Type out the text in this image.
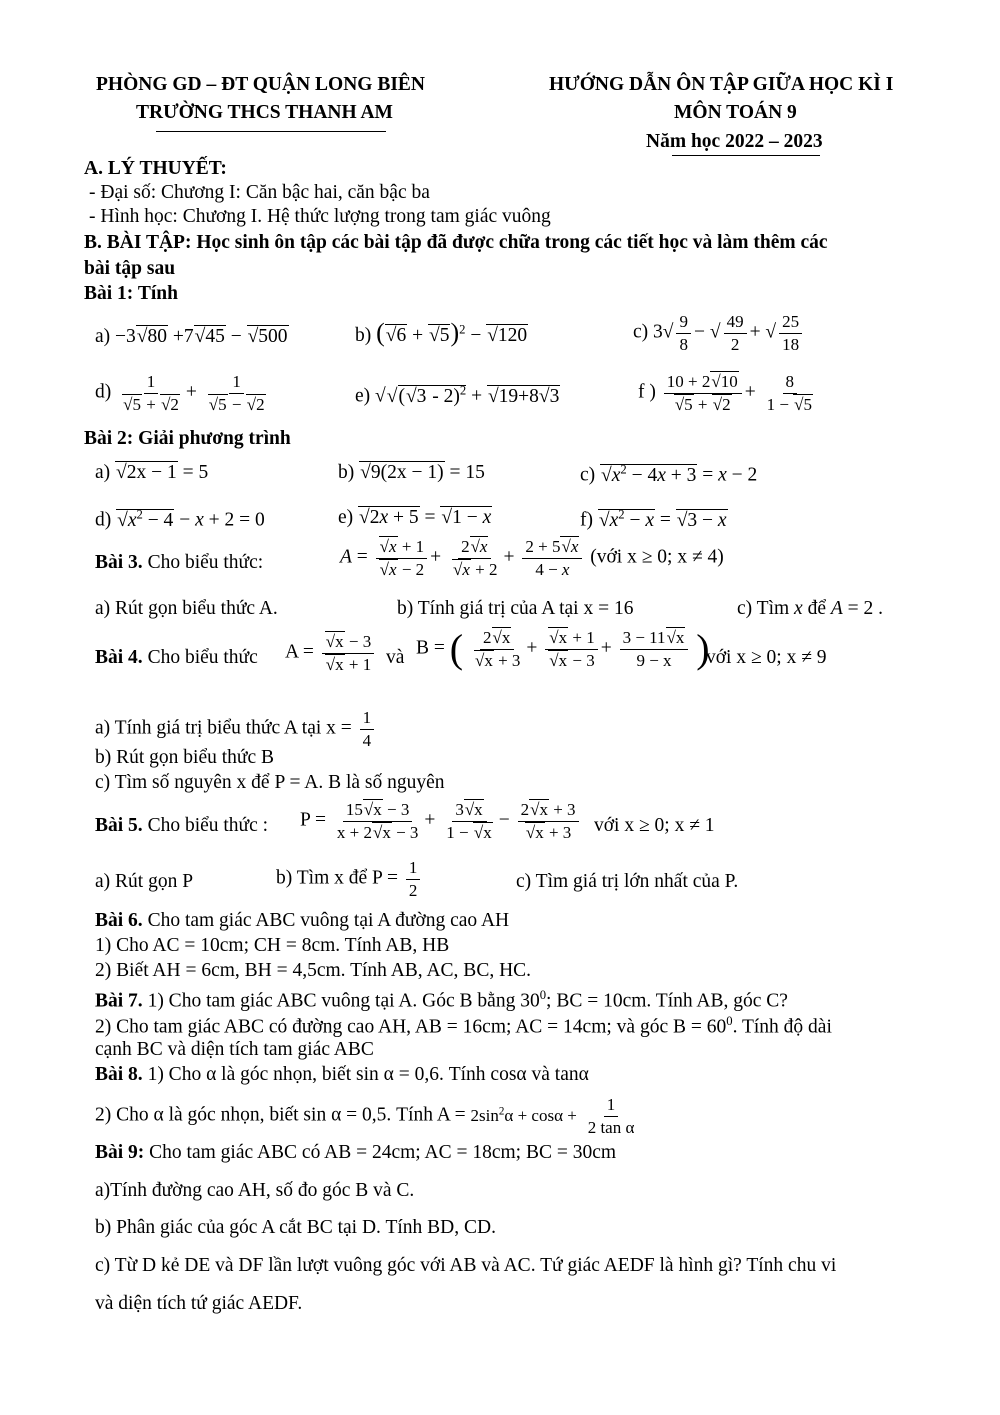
PHÒNG GD – ĐT QUẬN LONG BIÊN
TRƯỜNG THCS THANH AM
HƯỚNG DẪN ÔN TẬP GIỮA HỌC KÌ I
MÔN TOÁN 9
Năm học 2022 – 2023
A. LÝ THUYẾT:
- Đại số: Chương I: Căn bậc hai, căn bậc ba
- Hình học: Chương I. Hệ thức lượng trong tam giác vuông
B. BÀI TẬP: Học sinh ôn tập các bài tập đã được chữa trong các tiết học và làm thêm các
bài tập sau
Bài 1: Tính
a) −3√ 80 +7√ 45 − √ 500	b) (√ 6 + √ 5)$^2$ − √ 120	c) $3√ \frac{9}{8}$ − √ $\frac{49}{2}$ + √ $\frac{25}{18}$
d) 1
√ 5 + √ 2 + 1
√ 5 − √ 2	e) √√ (√ 3 - 2)$^2$ + √ 19+8√3	f ) 10 + 2√ 10
√ 5 + √ $2 + \frac{8}{1 - √ 5}$
Bài 2: Giải phương trình
a) √ 2x − 1 = 5	b) √ 9(2x − 1) = 15	c) √ $x^2 - 4x + 3 = x - 2$
d) √ $x^2 - 4 - x + 2 = 0$	e) √ 2x + 5 = √ 1 − x	f) √ $x^2 - x$ = √ 3 − x
Bài 3. Cho biểu thức:	A =
√ x + 1
√ x − 2 + 2√ x
√ $x + 2 + \frac{2 + 5√ x}{4 - x}$ (với x ≥ 0; x ≠ 4)
a) Rút gọn biểu thức A.	b) Tính giá trị của A tại x = 16	c) Tìm x để A = 2 .
Bài 4. Cho biểu thức A =
√ x − 3
√ x + 1 và B = ( 2√ x
√ x + 3 +
√ x + 1
√ $x - 3 + \frac{3 - 11√ x}{9 - x}$ )
với x ≥ 0; x ≠ 9
a) Tính giá trị biểu thức A tại $x = \frac{1}{4}$
b) Rút gọn biểu thức B
c) Tìm số nguyên x để P = A. B là số nguyên
Bài 5. Cho biểu thức : $P = \frac{15√ x - 3}{x + 2√ x - 3} + \frac{3√ x}{1 - √ x} - 2√$ x + 3
√ x + 3 với x ≥ 0; x ≠ 1
a) Rút gọn P	b) Tìm x để $P = \frac{1}{2}$	c) Tìm giá trị lớn nhất của P.
Bài 6. Cho tam giác ABC vuông tại A đường cao AH
1) Cho AC = 10cm; CH = 8cm. Tính AB, HB
2) Biết AH = 6cm, BH = 4,5cm. Tính AB, AC, BC, HC.
Bài 7. 1) Cho tam giác ABC vuông tại A. Góc B bằng $30^0$; BC = 10cm. Tính AB, góc C?
2) Cho tam giác ABC có đường cao AH, AB = 16cm; AC = 14cm; và góc $B = 60^0$. Tính độ dài
cạnh BC và diện tích tam giác ABC
Bài 8. 1) Cho α là góc nhọn, biết sin α = 0,6. Tính cosα và tanα
2) Cho α là góc nhọn, biết sin α = 0,5. Tính $A = 2\sin^2\alpha + \cos\alpha + \frac{1}{\text{2 tan α}}$
Bài 9: Cho tam giác ABC có AB = 24cm; AC = 18cm; BC = 30cm
a)Tính đường cao AH, số đo góc B và C.
b) Phân giác của góc A cắt BC tại D. Tính BD, CD.
c) Từ D kẻ DE và DF lần lượt vuông góc với AB và AC. Tứ giác AEDF là hình gì? Tính chu vi
và diện tích tứ giác AEDF.
